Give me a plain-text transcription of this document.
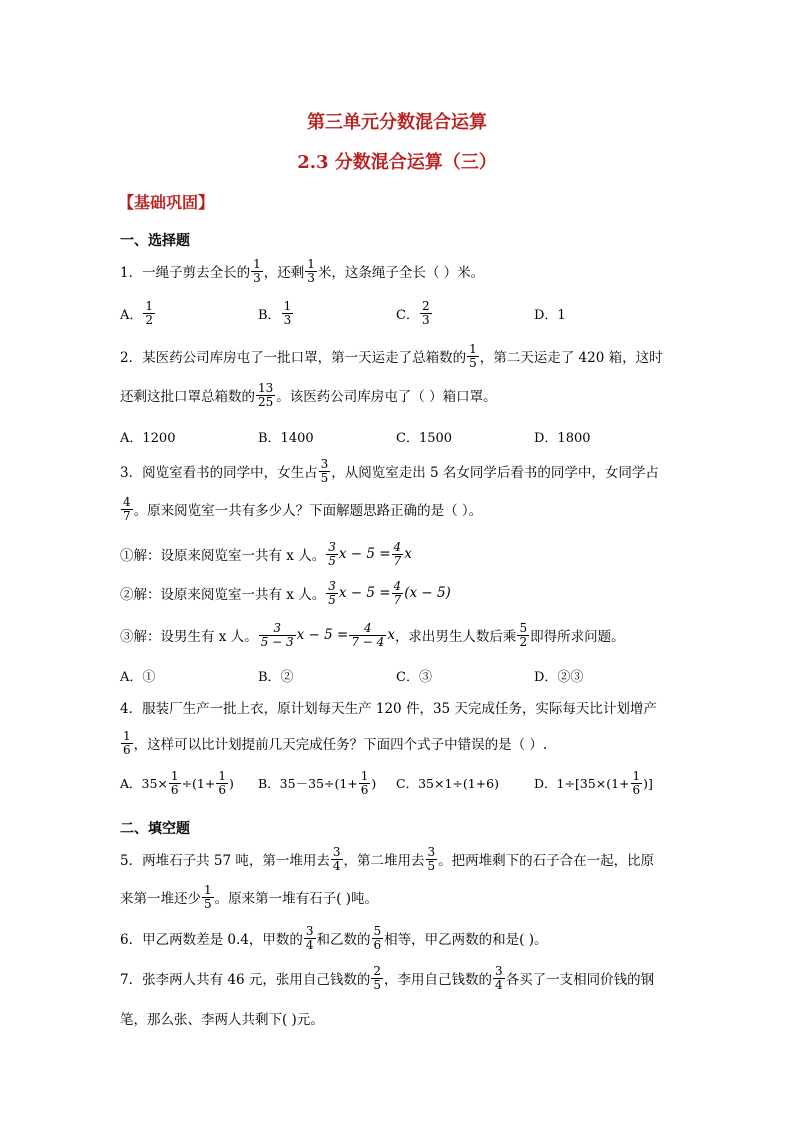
第三单元分数混合运算
2.3 分数混合运算（三）
【基础巩固】
一、选择题
1．一绳子剪去全长的 $\frac{1}{3}$ ，还剩 $\frac{1}{3}$ 米，这条绳子全长（ ）米。
A． $\frac{1}{2}$	B． $\frac{1}{3}$	C． $\frac{2}{3}$	D．1
2．某医药公司库房屯了一批口罩，第一天运走了总箱数的 $\frac{1}{5}$ ，第二天运走了 420 箱，这时
还剩这批口罩总箱数的 $\frac{13}{25}$ 。该医药公司库房屯了（ ）箱口罩。
A．1200	B．1400	C．1500	D．1800
3．阅览室看书的同学中，女生占 $\frac{3}{5}$ ，从阅览室走出 5 名女同学后看书的同学中，女同学占
$\frac{4}{7}$ 。原来阅览室一共有多少人？下面解题思路正确的是（ ）。
①解：设原来阅览室一共有 x 人。 $\frac{3}{5}$ $x - 5 = \frac{4}{7}$ x
②解：设原来阅览室一共有 x 人。 $\frac{3}{5}$ $x - 5 = \frac{4}{7} (x - 5)$
③解：设男生有 x 人。 $\frac{3}{5 - 3}$ $x - 5 = \frac{4}{7 - 4}$ x ，求出男生人数后乘 $\frac{5}{2}$ 即得所求问题。
A．①	B．②	C．③	D．②③
4．服装厂生产一批上衣，原计划每天生产 120 件，35 天完成任务，实际每天比计划增产
$\frac{1}{6}$ ，这样可以比计划提前几天完成任务？下面四个式子中错误的是（ ）.
A．$35\times \frac{1}{6} \div(1+ \frac{1}{6}$ ) B．$35-35\div(1+ \frac{1}{6}$ ) C．35×1÷(1+6)	D．$1\div[35\times(1+ \frac{1}{6}$ )]
二、填空题
5．两堆石子共 57 吨，第一堆用去 $\frac{3}{4}$ ，第二堆用去 $\frac{3}{5}$ 。把两堆剩下的石子合在一起，比原
来第一堆还少 $\frac{1}{5}$ 。原来第一堆有石子( )吨。
6．甲乙两数差是 0.4，甲数的 $\frac{3}{4}$ 和乙数的 $\frac{5}{6}$ 相等，甲乙两数的和是( )。
7．张李两人共有 46 元，张用自己钱数的 $\frac{2}{5}$ ，李用自己钱数的 $\frac{3}{4}$ 各买了一支相同价钱的钢
笔，那么张、李两人共剩下( )元。
